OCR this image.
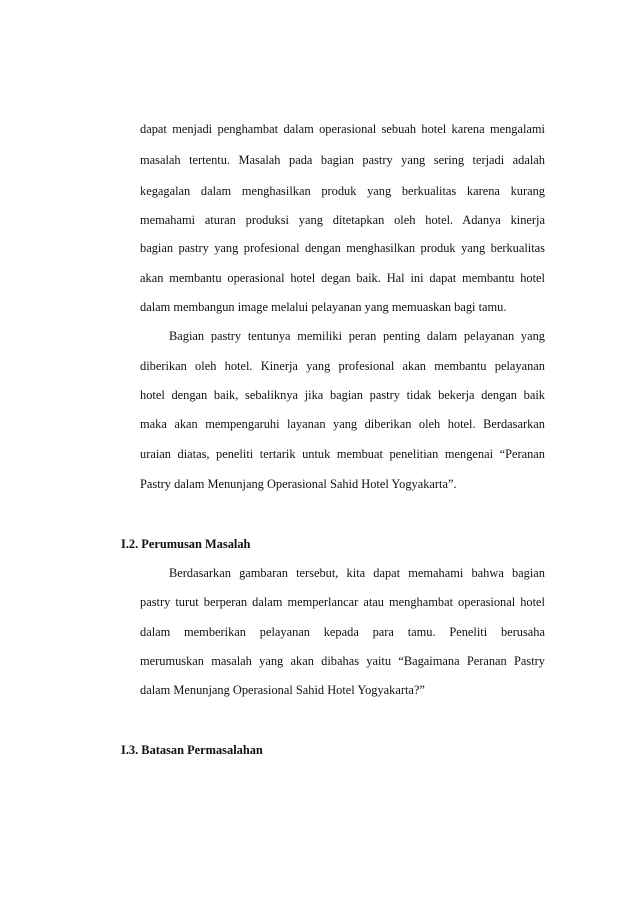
dapat menjadi penghambat dalam operasional sebuah hotel karena mengalami
masalah tertentu. Masalah pada bagian pastry yang sering terjadi adalah
kegagalan dalam menghasilkan produk yang berkualitas karena kurang
memahami aturan produksi yang ditetapkan oleh hotel. Adanya kinerja
bagian pastry yang profesional dengan menghasilkan produk yang berkualitas
akan membantu operasional hotel degan baik. Hal ini dapat membantu hotel
dalam membangun image melalui pelayanan yang memuaskan bagi tamu.
Bagian pastry tentunya memiliki peran penting dalam pelayanan yang
diberikan oleh hotel. Kinerja yang profesional akan membantu pelayanan
hotel dengan baik, sebaliknya jika bagian pastry tidak bekerja dengan baik
maka akan mempengaruhi layanan yang diberikan oleh hotel. Berdasarkan
uraian diatas, peneliti tertarik untuk membuat penelitian mengenai “Peranan
Pastry dalam Menunjang Operasional Sahid Hotel Yogyakarta”.
I.2. Perumusan Masalah
Berdasarkan gambaran tersebut, kita dapat memahami bahwa bagian
pastry turut berperan dalam memperlancar atau menghambat operasional hotel
dalam memberikan pelayanan kepada para tamu. Peneliti berusaha
merumuskan masalah yang akan dibahas yaitu “Bagaimana Peranan Pastry
dalam Menunjang Operasional Sahid Hotel Yogyakarta?”
I.3. Batasan Permasalahan
